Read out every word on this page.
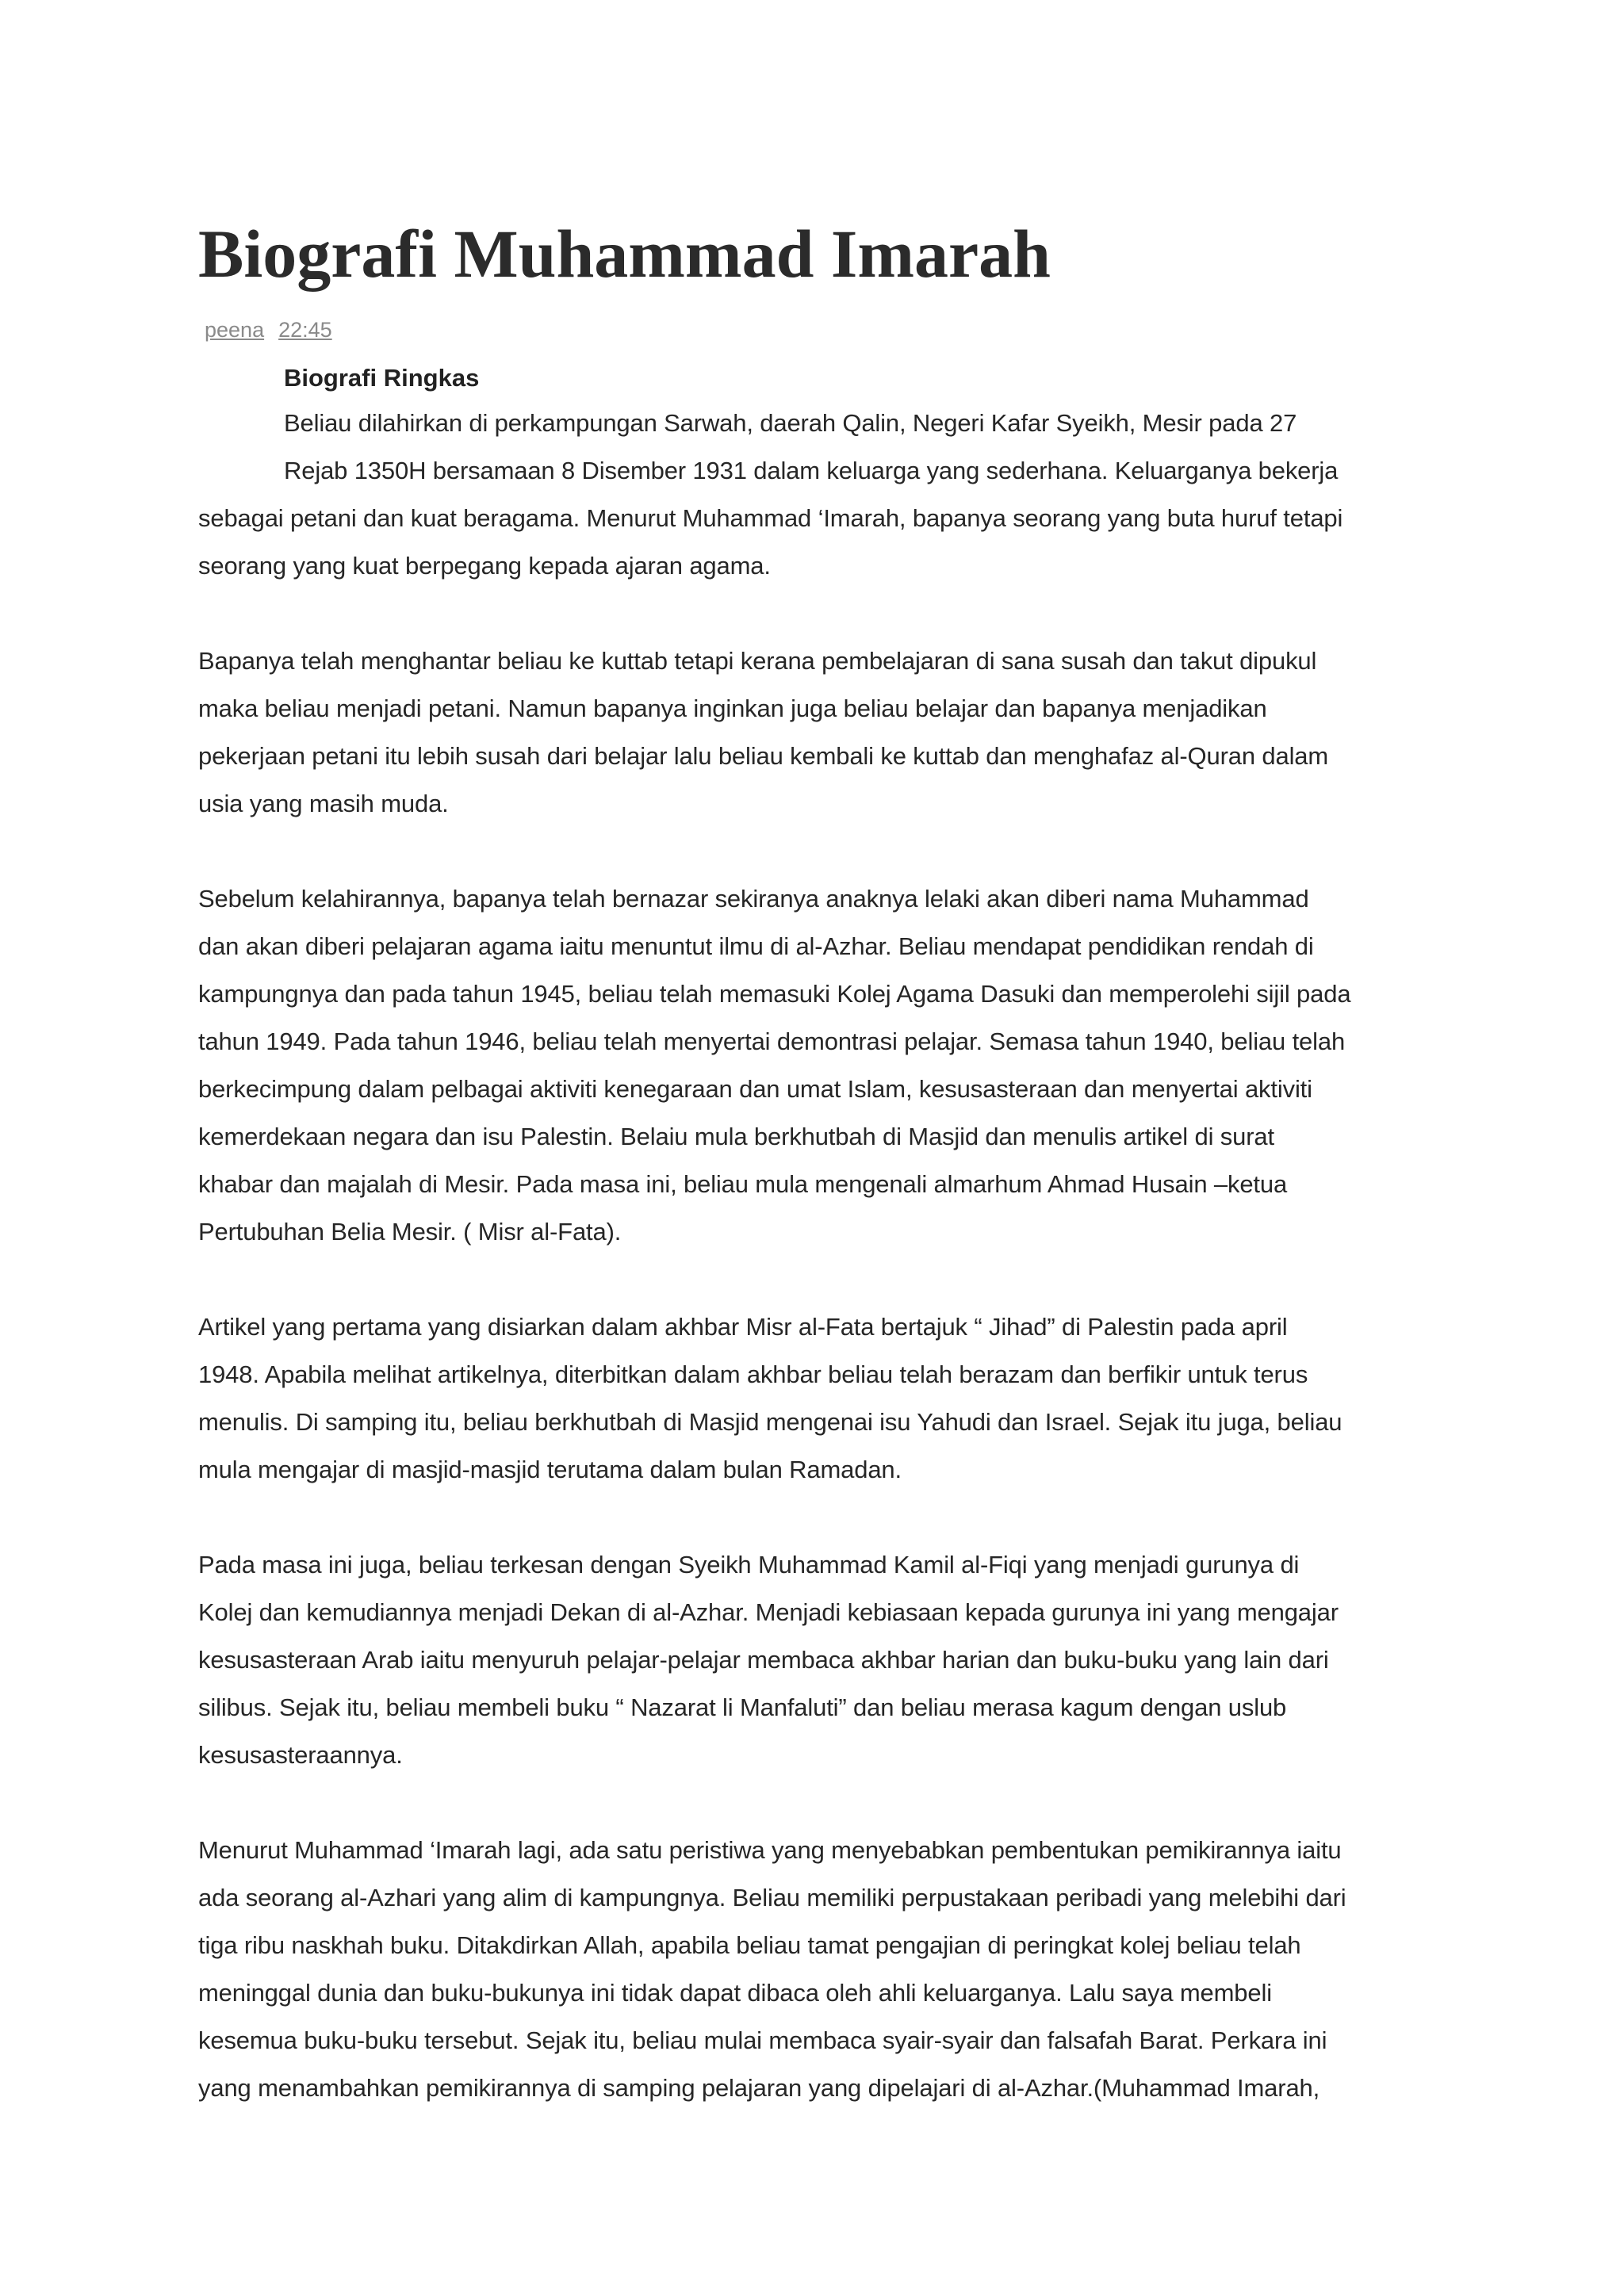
Biografi Muhammad Imarah
peena 22:45
Biografi Ringkas
Beliau dilahirkan di perkampungan Sarwah, daerah Qalin, Negeri Kafar Syeikh, Mesir pada 27
Rejab 1350H bersamaan 8 Disember 1931 dalam keluarga yang sederhana. Keluarganya bekerja
sebagai petani dan kuat beragama. Menurut Muhammad ‘Imarah, bapanya seorang yang buta huruf tetapi
seorang yang kuat berpegang kepada ajaran agama.
Bapanya telah menghantar beliau ke kuttab tetapi kerana pembelajaran di sana susah dan takut dipukul
maka beliau menjadi petani. Namun bapanya inginkan juga beliau belajar dan bapanya menjadikan
pekerjaan petani itu lebih susah dari belajar lalu beliau kembali ke kuttab dan menghafaz al-Quran dalam
usia yang masih muda.
Sebelum kelahirannya, bapanya telah bernazar sekiranya anaknya lelaki akan diberi nama Muhammad
dan akan diberi pelajaran agama iaitu menuntut ilmu di al-Azhar. Beliau mendapat pendidikan rendah di
kampungnya dan pada tahun 1945, beliau telah memasuki Kolej Agama Dasuki dan memperolehi sijil pada
tahun 1949. Pada tahun 1946, beliau telah menyertai demontrasi pelajar. Semasa tahun 1940, beliau telah
berkecimpung dalam pelbagai aktiviti kenegaraan dan umat Islam, kesusasteraan dan menyertai aktiviti
kemerdekaan negara dan isu Palestin. Belaiu mula berkhutbah di Masjid dan menulis artikel di surat
khabar dan majalah di Mesir. Pada masa ini, beliau mula mengenali almarhum Ahmad Husain –ketua
Pertubuhan Belia Mesir. ( Misr al-Fata).
Artikel yang pertama yang disiarkan dalam akhbar Misr al-Fata bertajuk “ Jihad” di Palestin pada april
1948. Apabila melihat artikelnya, diterbitkan dalam akhbar beliau telah berazam dan berfikir untuk terus
menulis. Di samping itu, beliau berkhutbah di Masjid mengenai isu Yahudi dan Israel. Sejak itu juga, beliau
mula mengajar di masjid-masjid terutama dalam bulan Ramadan.
Pada masa ini juga, beliau terkesan dengan Syeikh Muhammad Kamil al-Fiqi yang menjadi gurunya di
Kolej dan kemudiannya menjadi Dekan di al-Azhar. Menjadi kebiasaan kepada gurunya ini yang mengajar
kesusasteraan Arab iaitu menyuruh pelajar-pelajar membaca akhbar harian dan buku-buku yang lain dari
silibus. Sejak itu, beliau membeli buku “ Nazarat li Manfaluti” dan beliau merasa kagum dengan uslub
kesusasteraannya.
Menurut Muhammad ‘Imarah lagi, ada satu peristiwa yang menyebabkan pembentukan pemikirannya iaitu
ada seorang al-Azhari yang alim di kampungnya. Beliau memiliki perpustakaan peribadi yang melebihi dari
tiga ribu naskhah buku. Ditakdirkan Allah, apabila beliau tamat pengajian di peringkat kolej beliau telah
meninggal dunia dan buku-bukunya ini tidak dapat dibaca oleh ahli keluarganya. Lalu saya membeli
kesemua buku-buku tersebut. Sejak itu, beliau mulai membaca syair-syair dan falsafah Barat. Perkara ini
yang menambahkan pemikirannya di samping pelajaran yang dipelajari di al-Azhar.(Muhammad Imarah,
